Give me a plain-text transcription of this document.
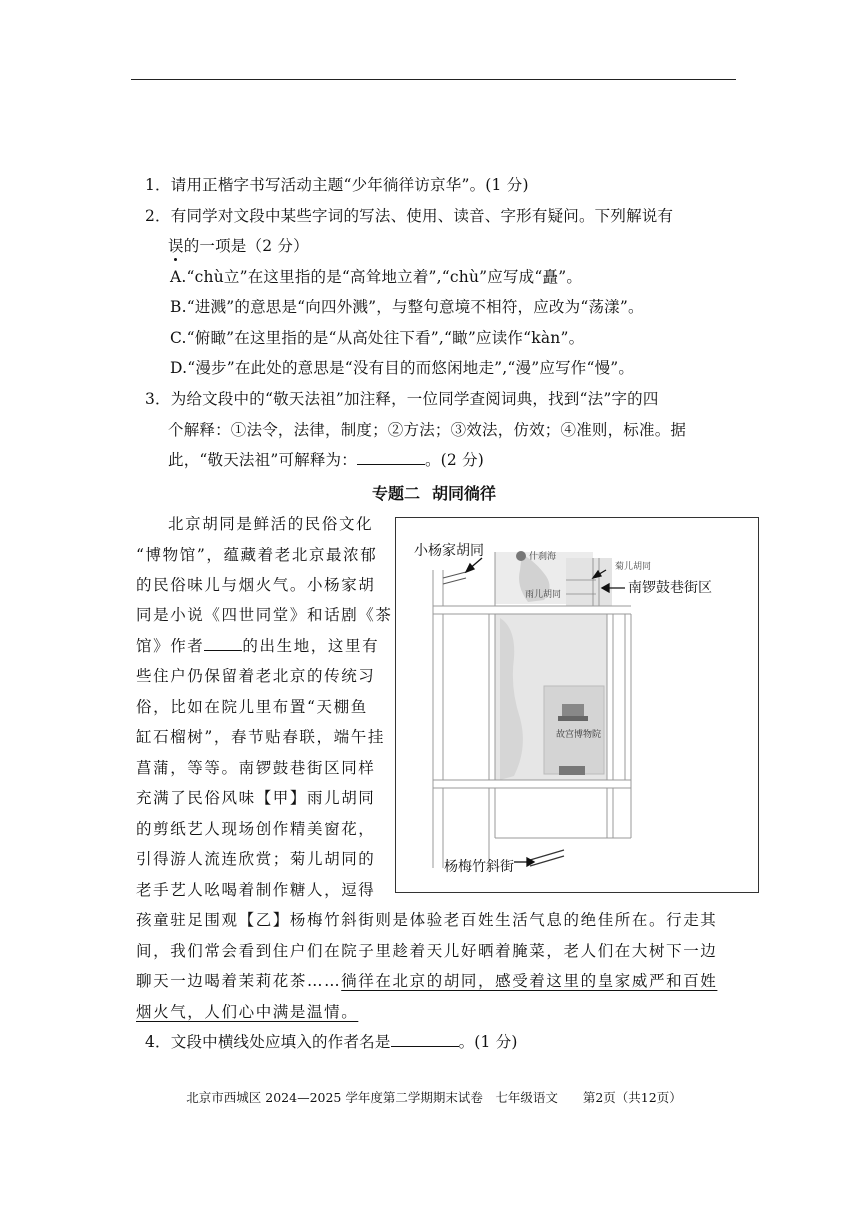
1．请用正楷字书写活动主题“少年徜徉访京华”。(1 分)
2．有同学对文段中某些字词的写法、使用、读音、字形有疑问。下列解说有
误的一项是（2 分）
A.“chù立”在这里指的是“高耸地立着”,“chù”应写成“矗”。
B.“进溅”的意思是“向四外溅”，与整句意境不相符，应改为“荡漾”。
C.“俯瞰”在这里指的是“从高处往下看”,“瞰”应读作“kàn”。
D.“漫步”在此处的意思是“没有目的而悠闲地走”,“漫”应写作“慢”。
3．为给文段中的“敬天法祖”加注释，一位同学查阅词典，找到“法”字的四
个解释：①法令，法律，制度；②方法；③效法，仿效；④准则，标准。据
此，“敬天法祖”可解释为：	。(2 分)
专题二 胡同徜徉
北京胡同是鲜活的民俗文化
“博物馆”，蕴藏着老北京最浓郁
的民俗味儿与烟火气。小杨家胡
同是小说《四世同堂》和话剧《茶
馆》作者 的出生地，这里有
些住户仍保留着老北京的传统习
俗，比如在院儿里布置“天棚鱼
缸石榴树”，春节贴春联，端午挂
菖蒲，等等。南锣鼓巷街区同样
充满了民俗风味【甲】雨儿胡同
的剪纸艺人现场创作精美窗花，
引得游人流连欣赏；菊儿胡同的
老手艺人吆喝着制作糖人，逗得
孩童驻足围观【乙】杨梅竹斜街则是体验老百姓生活气息的绝佳所在。行走其
间，我们常会看到住户们在院子里趁着天儿好晒着腌菜，老人们在大树下一边
聊天一边喝着茉莉花茶……徜徉在北京的胡同，感受着这里的皇家威严和百姓
烟火气，人们心中满是温情。
小杨家胡同	什刹海
菊儿胡同
雨儿胡同	南锣鼓巷街区
故宫博物院
杨梅竹斜街
4．文段中横线处应填入的作者名是	。(1 分)
北京市西城区 2024—2025 学年度第二学期期末试卷　七年级语文　　第2页（共12页）
